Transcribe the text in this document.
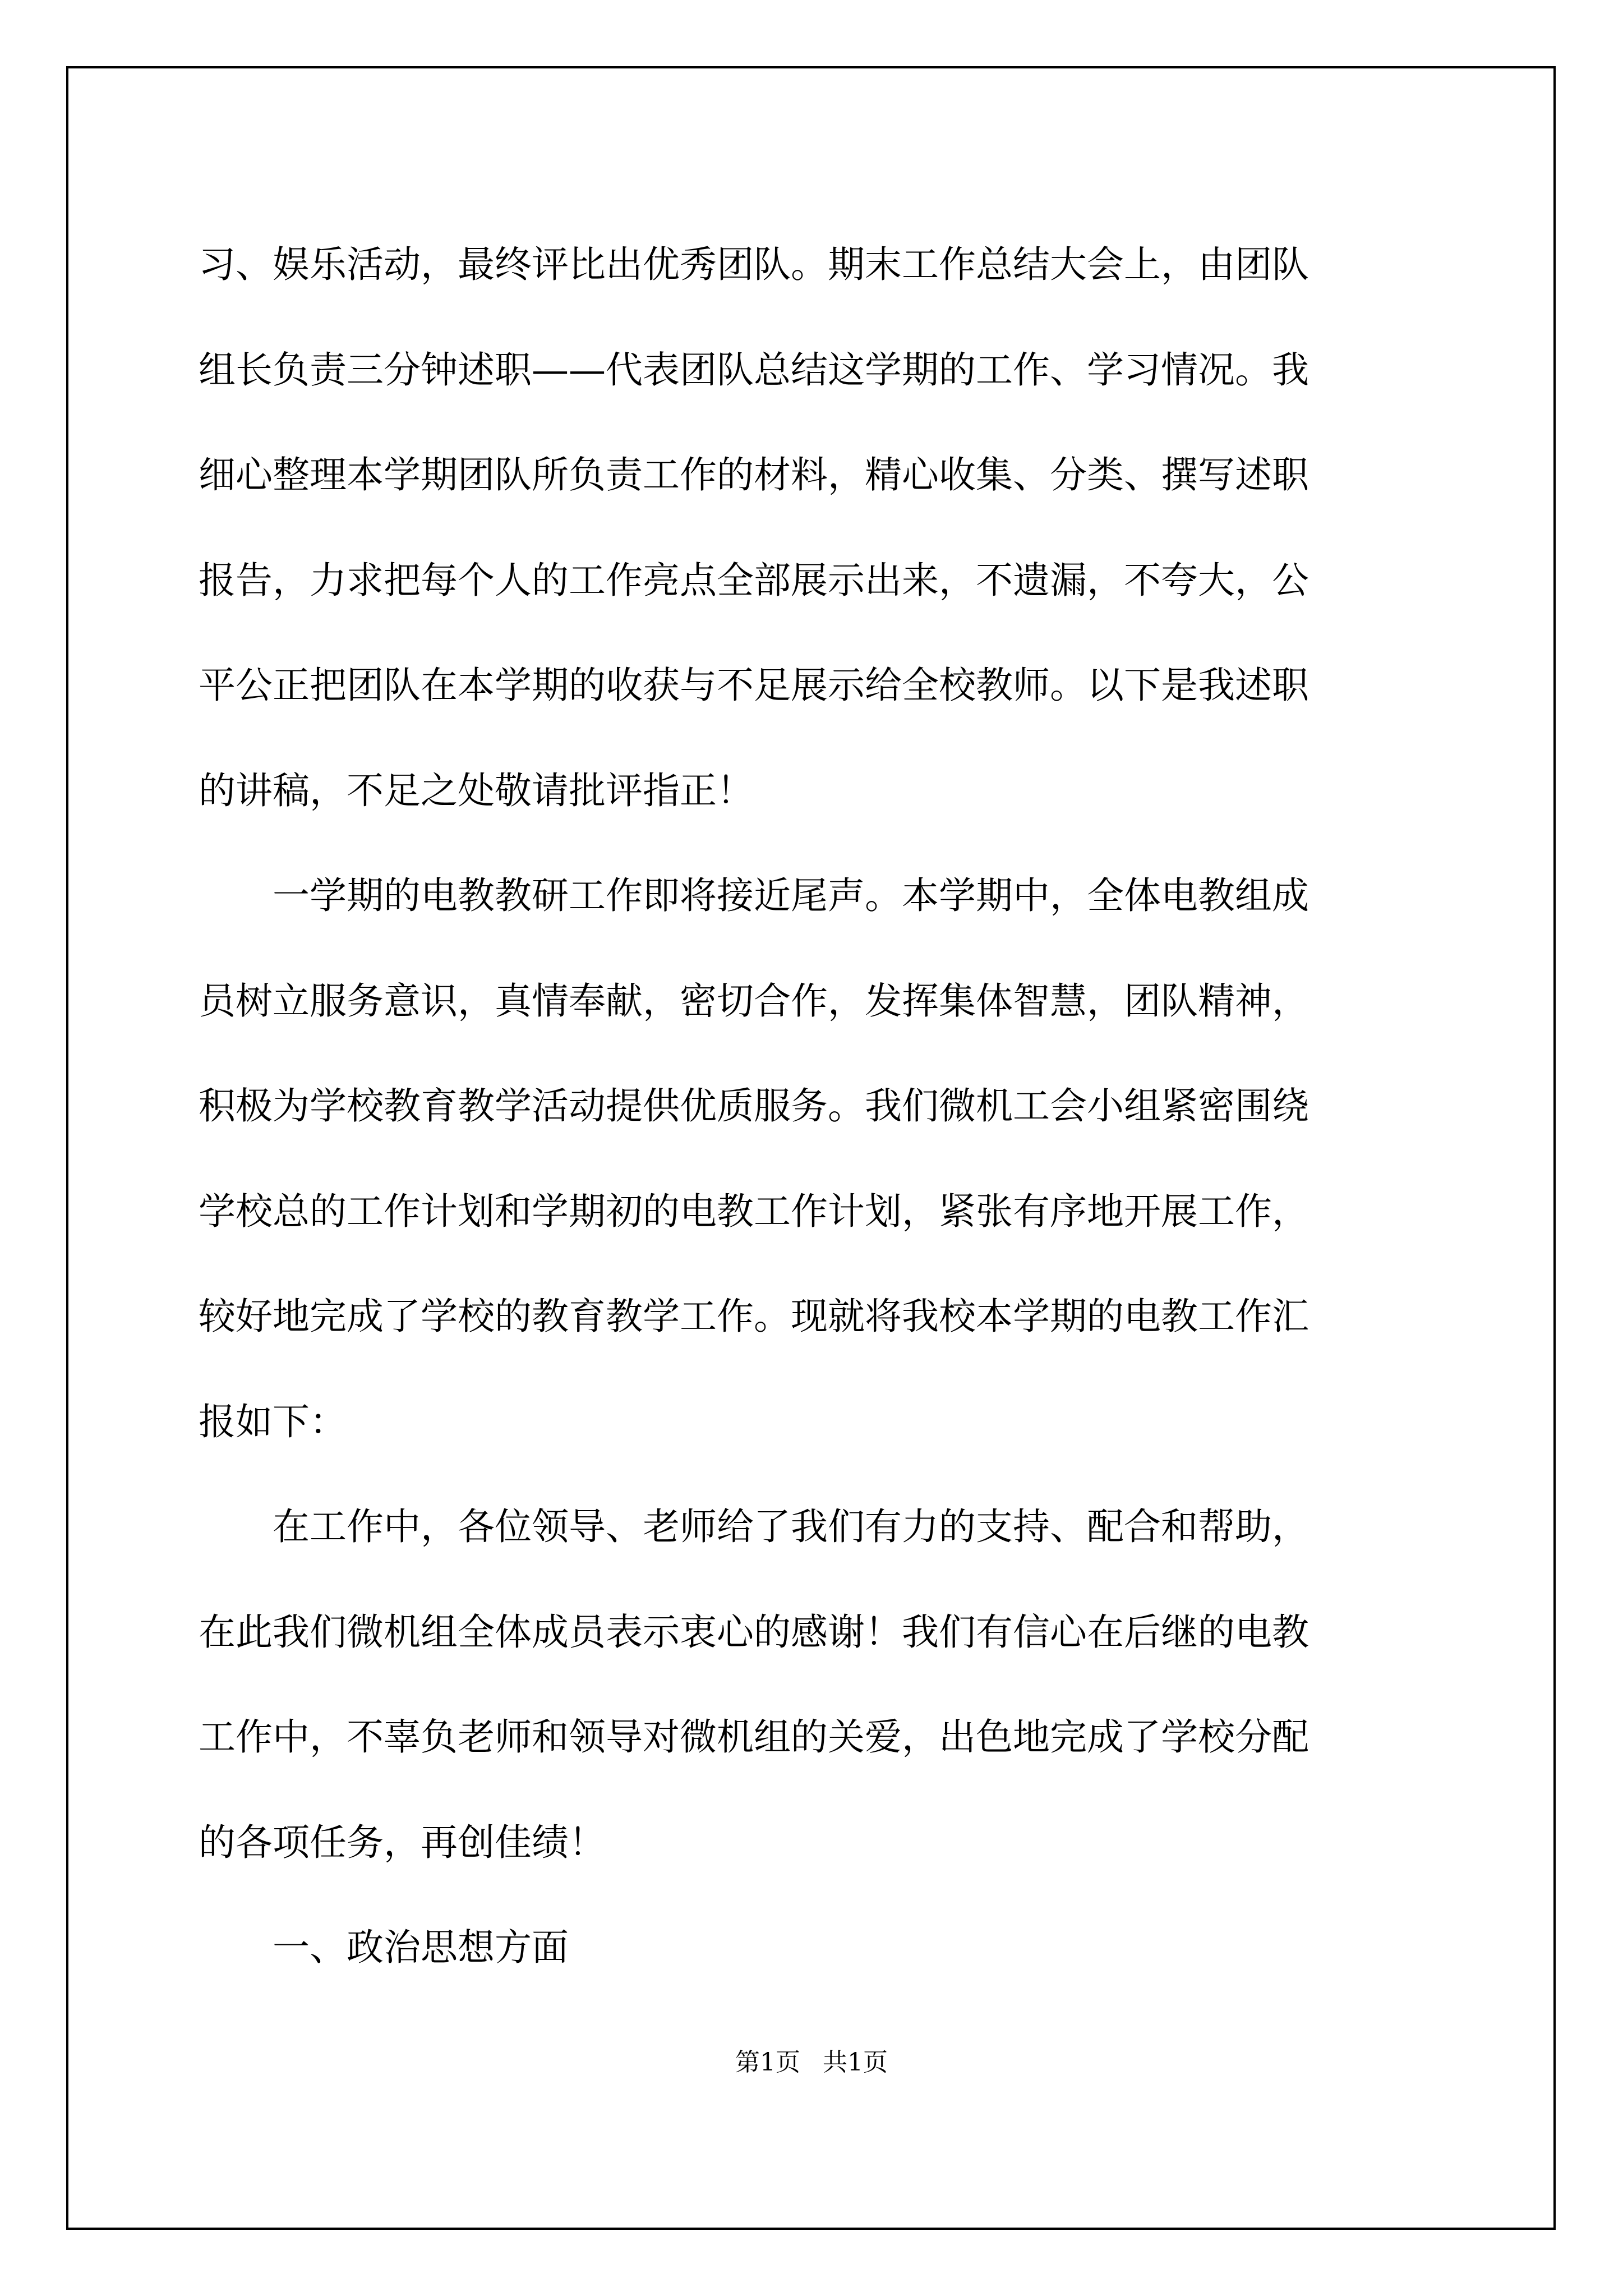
习、娱乐活动，最终评比出优秀团队。期末工作总结大会上，由团队
组长负责三分钟述职——代表团队总结这学期的工作、学习情况。我
细心整理本学期团队所负责工作的材料，精心收集、分类、撰写述职
报告，力求把每个人的工作亮点全部展示出来，不遗漏，不夸大，公
平公正把团队在本学期的收获与不足展示给全校教师。以下是我述职
的讲稿，不足之处敬请批评指正！
一学期的电教教研工作即将接近尾声。本学期中，全体电教组成
员树立服务意识，真情奉献，密切合作，发挥集体智慧，团队精神，
积极为学校教育教学活动提供优质服务。我们微机工会小组紧密围绕
学校总的工作计划和学期初的电教工作计划，紧张有序地开展工作，
较好地完成了学校的教育教学工作。现就将我校本学期的电教工作汇
报如下：
在工作中，各位领导、老师给了我们有力的支持、配合和帮助，
在此我们微机组全体成员表示衷心的感谢！我们有信心在后继的电教
工作中，不辜负老师和领导对微机组的关爱，出色地完成了学校分配
的各项任务，再创佳绩！
一、政治思想方面
第1页 共1页
